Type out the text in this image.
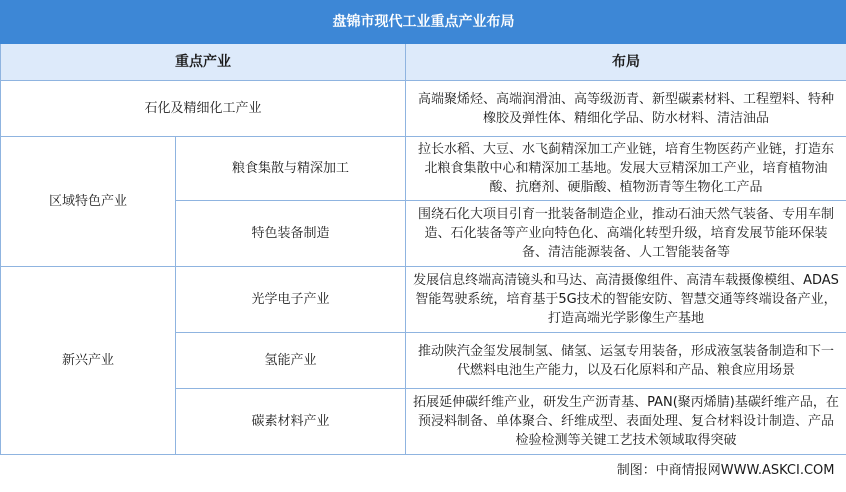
盘锦市现代工业重点产业布局		
重点产业		布局
石化及精细化工产业		高端聚烯烃、高端润滑油、高等级沥青、新型碳素材料、工程塑料、特种橡胶及弹性体、精细化学品、防水材料、清洁油品
区域特色产业	粮食集散与精深加工	拉长水稻、大豆、水飞蓟精深加工产业链，培育生物医药产业链，打造东北粮食集散中心和精深加工基地。发展大豆精深加工产业，培育植物油酸、抗磨剂、硬脂酸、植物沥青等生物化工产品
	特色装备制造	围绕石化大项目引育一批装备制造企业，推动石油天然气装备、专用车制造、石化装备等产业向特色化、高端化转型升级，培育发展节能环保装备、清洁能源装备、人工智能装备等
新兴产业	光学电子产业	发展信息终端高清镜头和马达、高清摄像组件、高清车载摄像模组、ADAS智能驾驶系统，培育基于5G技术的智能安防、智慧交通等终端设备产业，打造高端光学影像生产基地
	氢能产业	推动陕汽金玺发展制氢、储氢、运氢专用装备，形成液氢装备制造和下一代燃料电池生产能力，以及石化原料和产品、粮食应用场景
	碳素材料产业	拓展延伸碳纤维产业，研发生产沥青基、PAN(聚丙烯腈)基碳纤维产品，在预浸料制备、单体聚合、纤维成型、表面处理、复合材料设计制造、产品检验检测等关键工艺技术领域取得突破
制图：中商情报网WWW.ASKCI.COM		
